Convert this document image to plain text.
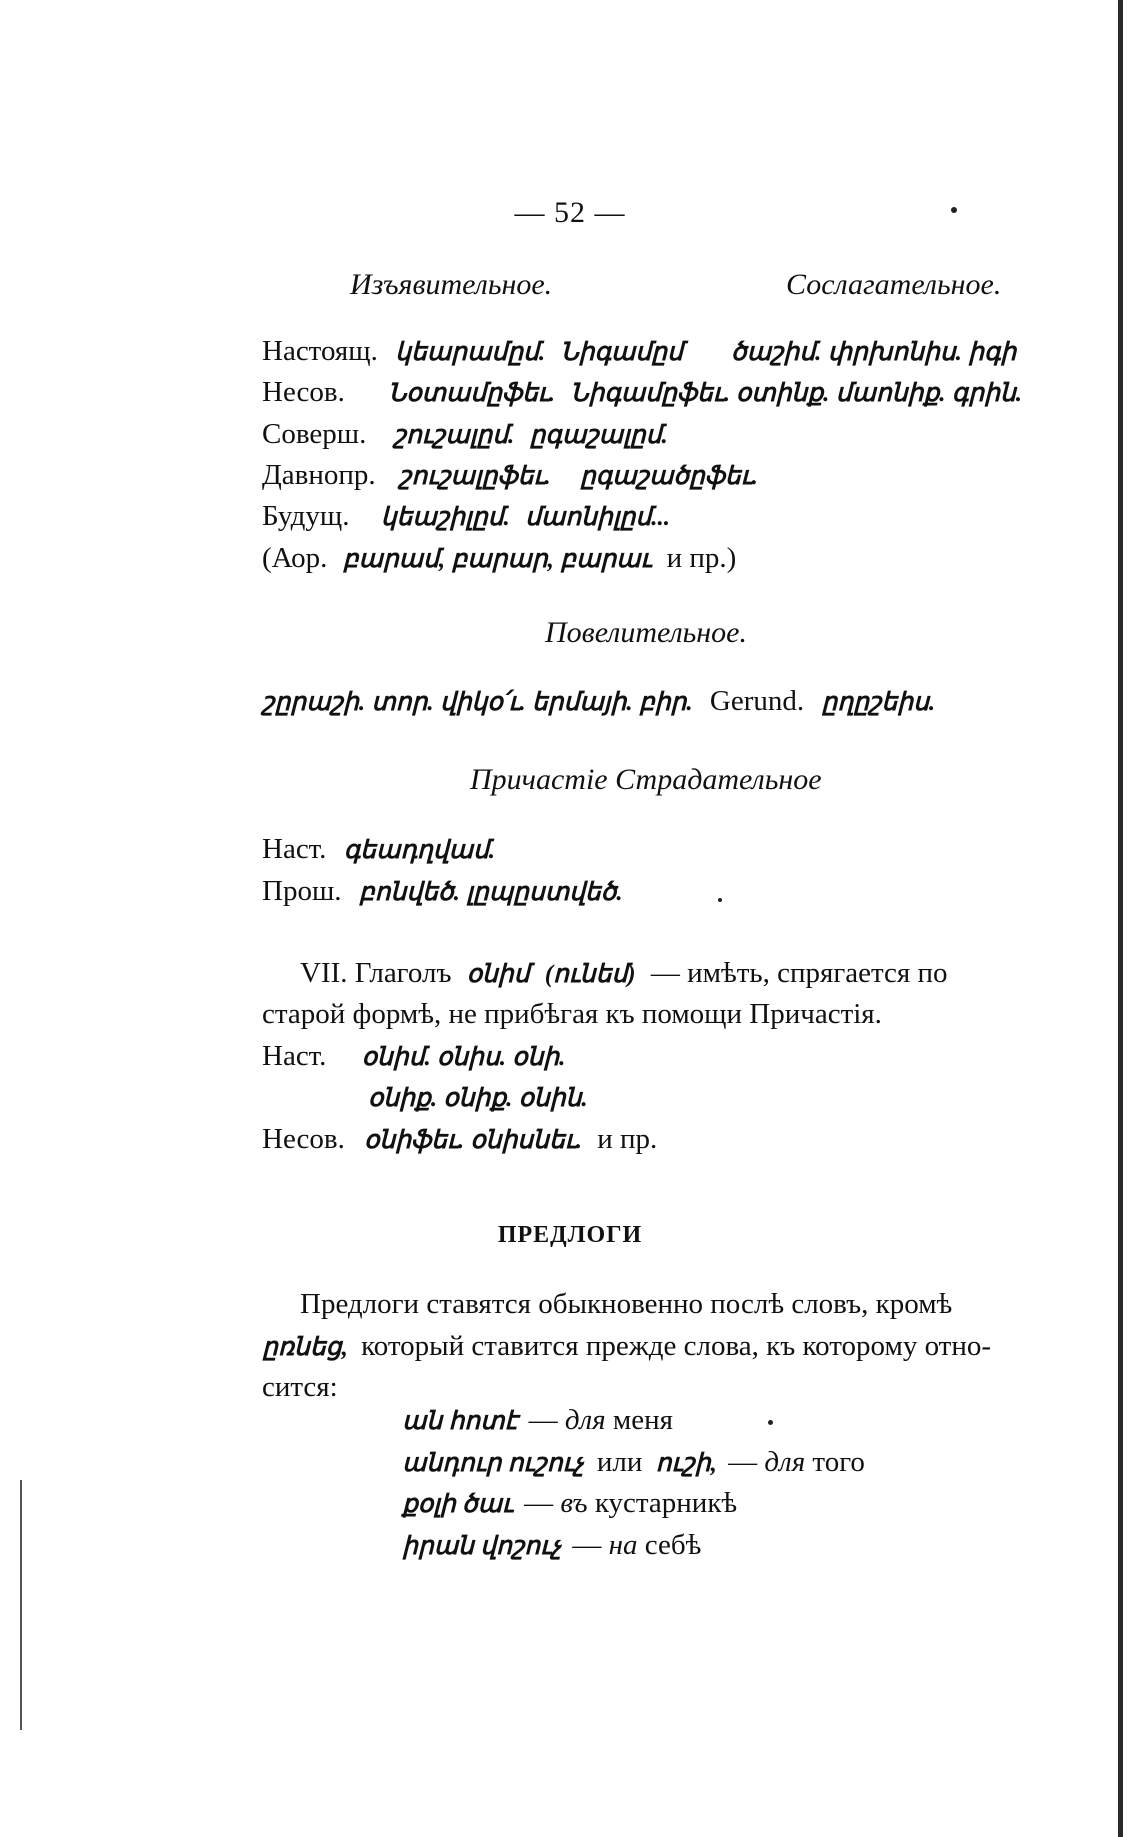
— 52 —
Изъявительное.	Сослагательное.
Настоящ. կեարամըմ. Նիգամըմ ծաշիմ. փրխոնիս. իգի
Несов. Նօտամըֆեւ. Նիգամըֆեւ. օտինք. մաոնիք. գրին.
Соверш. շուշալըմ. ըգաշալըմ.
Давнопр. շուշալըֆեւ. ըգաշածըֆեւ.
Будущ. կեաշիլըմ. մաոնիլըմ...
(Аор. բարամ, բարար, բարաւ и пр.)
Повелительное.
շըրաշի. տոր. վիկօ՛ւ. երմայի. բիր. Gerund. ըղըշեիս.
Причастіе Страдательное
Наст. գեադղվամ.
Прош. բոնվեծ. լըպըստվեծ.
VII. Глаголъ օնիմ (ունեմ) — имѣть, спрягается по
старой формѣ, не прибѣгая къ помощи Причастія.
Наст. օնիմ. օնիս. օնի.
օնիք. օնիք. օնին.
Несов. օնիֆեւ. օնիսնեւ. и пр.
ПРЕДЛОГИ
Предлоги ставятся обыкновенно послѣ словъ, кромѣ
ըռնեց, который ставится прежде слова, къ которому отно-
сится:
ան հոտէ — для меня
անդուր ուշուչ или ուշի, — для того
քօլի ծաւ — въ кустарникѣ
իրան վոշուչ — на себѣ
